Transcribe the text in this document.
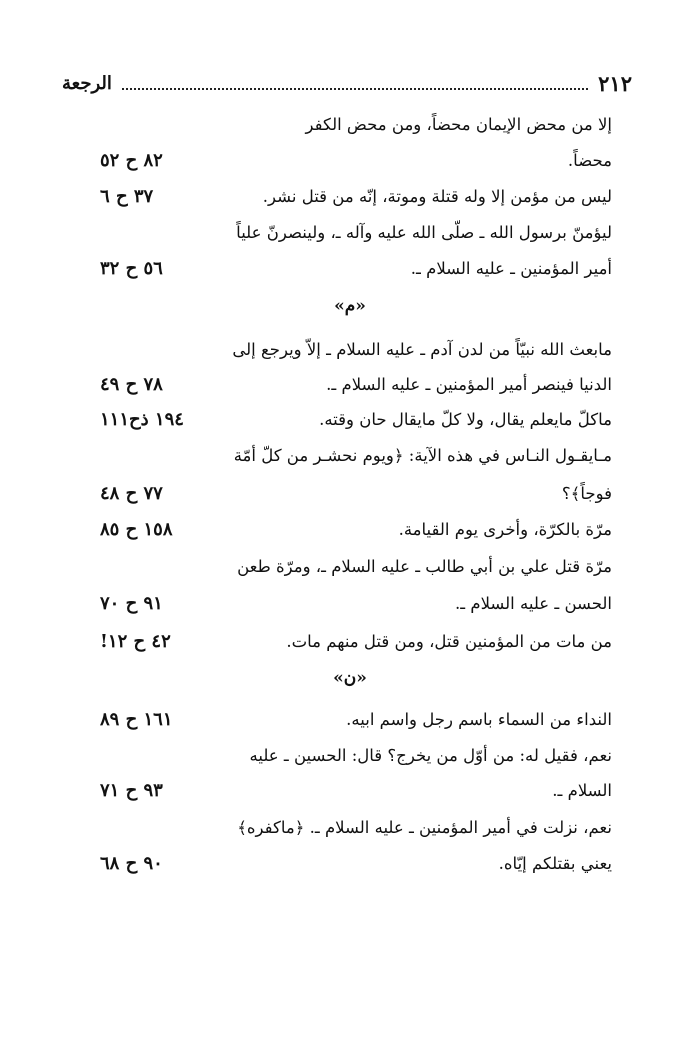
٢١٢
الرجعة
إلا من محض الإيمان محضاً، ومن محض الكفر
محضاً.
٨٢ ح ٥٢
ليس من مؤمن إلا وله قتلة وموتة، إنّه من قتل نشر.
٣٧ ح ٦
ليؤمنّ برسول الله ـ صلّى الله عليه وآله ـ، ولينصرنّ علياً
أمير المؤمنين ـ عليه السلام ـ.
٥٦ ح ٣٢
«م»
مابعث الله نبيّاً من لدن آدم ـ عليه السلام ـ إلاّ ويرجع إلى
الدنيا فينصر أمير المؤمنين ـ عليه السلام ـ.
٧٨ ح ٤٩
ماكلّ مايعلم يقال، ولا كلّ مايقال حان وقته.
١٩٤ ذح١١١
مـايقـول النـاس في هذه الآية: ﴿ويوم نحشـر من كلّ أمّة
فوجاً﴾؟
٧٧ ح ٤٨
مرّة بالكرّة، وأخرى يوم القيامة.
١٥٨ ح ٨٥
مرّة قتل علي بن أبي طالب ـ عليه السلام ـ، ومرّة طعن
الحسن ـ عليه السلام ـ.
٩١ ح ٧٠
من مات من المؤمنين قتل، ومن قتل منهم مات.
٤٢ ح ١٢!
«ن»
النداء من السماء باسم رجل واسم ابيه.
١٦١ ح ٨٩
نعم، فقيل له: من أوّل من يخرج؟ قال: الحسين ـ عليه
السلام ـ.
٩٣ ح ٧١
نعم، نزلت في أمير المؤمنين ـ عليه السلام ـ. ﴿ماكفره﴾
يعني بقتلكم إيّاه.
٩٠ ح ٦٨
